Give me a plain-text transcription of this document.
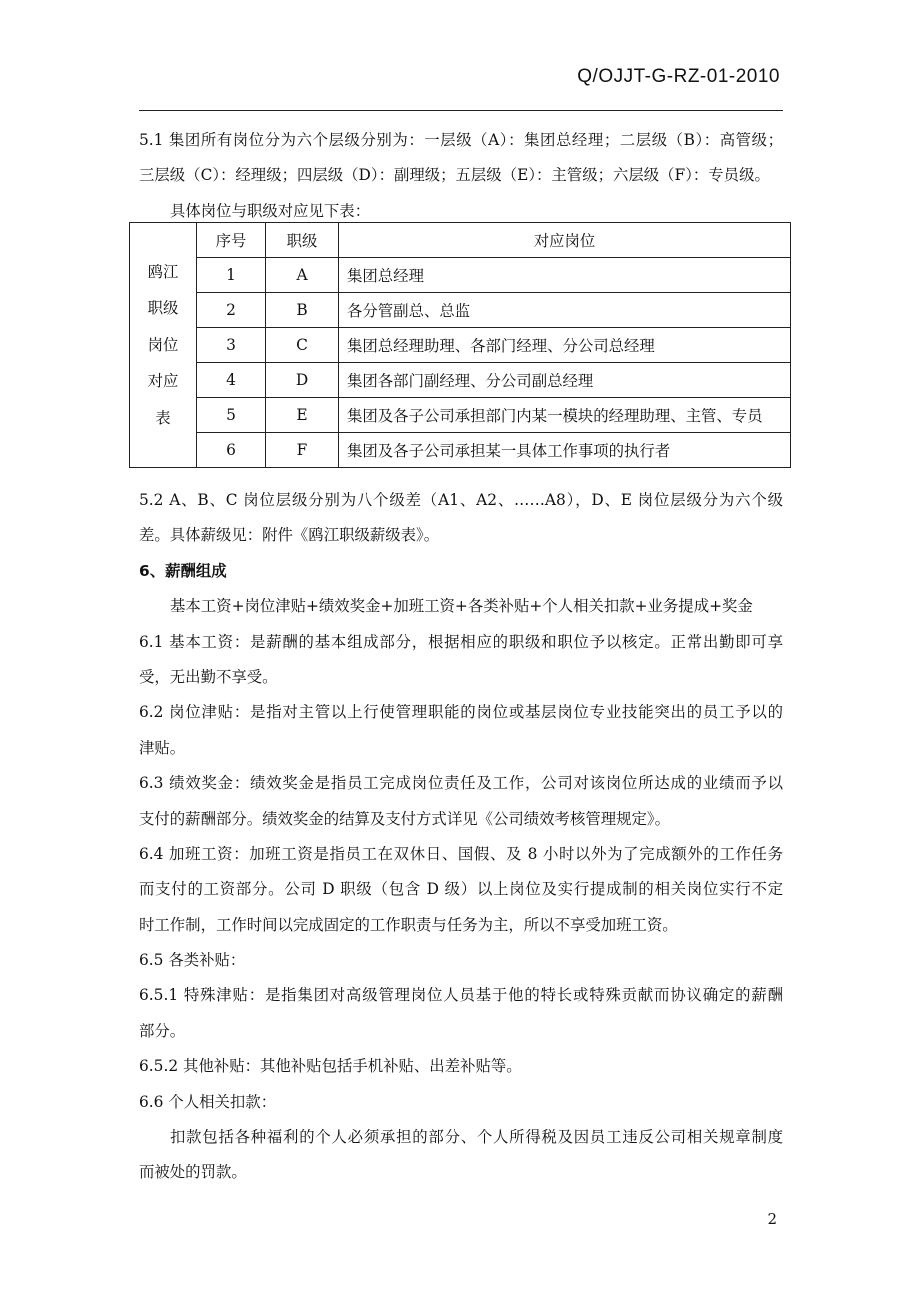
Q/OJJT-G-RZ-01-2010
5.1 集团所有岗位分为六个层级分别为：一层级（A）：集团总经理；二层级（B）：高管级；
三层级（C）：经理级；四层级（D）：副理级；五层级（E）：主管级；六层级（F）：专员级。
具体岗位与职级对应见下表：
鸥江
职级
岗位
对应
表	序号	职级	对应岗位
	1	A	集团总经理
	2	B	各分管副总、总监
	3	C	集团总经理助理、各部门经理、分公司总经理
	4	D	集团各部门副经理、分公司副总经理
	5	E	集团及各子公司承担部门内某一模块的经理助理、主管、专员
	6	F	集团及各子公司承担某一具体工作事项的执行者
5.2 A、B、C 岗位层级分别为八个级差（A1、A2、……A8），D、E 岗位层级分为六个级
差。具体薪级见：附件《鸥江职级薪级表》。
6、薪酬组成
基本工资+岗位津贴+绩效奖金+加班工资+各类补贴+个人相关扣款+业务提成+奖金
6.1 基本工资：是薪酬的基本组成部分，根据相应的职级和职位予以核定。正常出勤即可享
受，无出勤不享受。
6.2 岗位津贴：是指对主管以上行使管理职能的岗位或基层岗位专业技能突出的员工予以的
津贴。
6.3 绩效奖金：绩效奖金是指员工完成岗位责任及工作，公司对该岗位所达成的业绩而予以
支付的薪酬部分。绩效奖金的结算及支付方式详见《公司绩效考核管理规定》。
6.4 加班工资：加班工资是指员工在双休日、国假、及 8 小时以外为了完成额外的工作任务
而支付的工资部分。公司 D 职级（包含 D 级）以上岗位及实行提成制的相关岗位实行不定
时工作制，工作时间以完成固定的工作职责与任务为主，所以不享受加班工资。
6.5 各类补贴：
6.5.1 特殊津贴：是指集团对高级管理岗位人员基于他的特长或特殊贡献而协议确定的薪酬
部分。
6.5.2 其他补贴：其他补贴包括手机补贴、出差补贴等。
6.6 个人相关扣款：
扣款包括各种福利的个人必须承担的部分、个人所得税及因员工违反公司相关规章制度
而被处的罚款。
2
